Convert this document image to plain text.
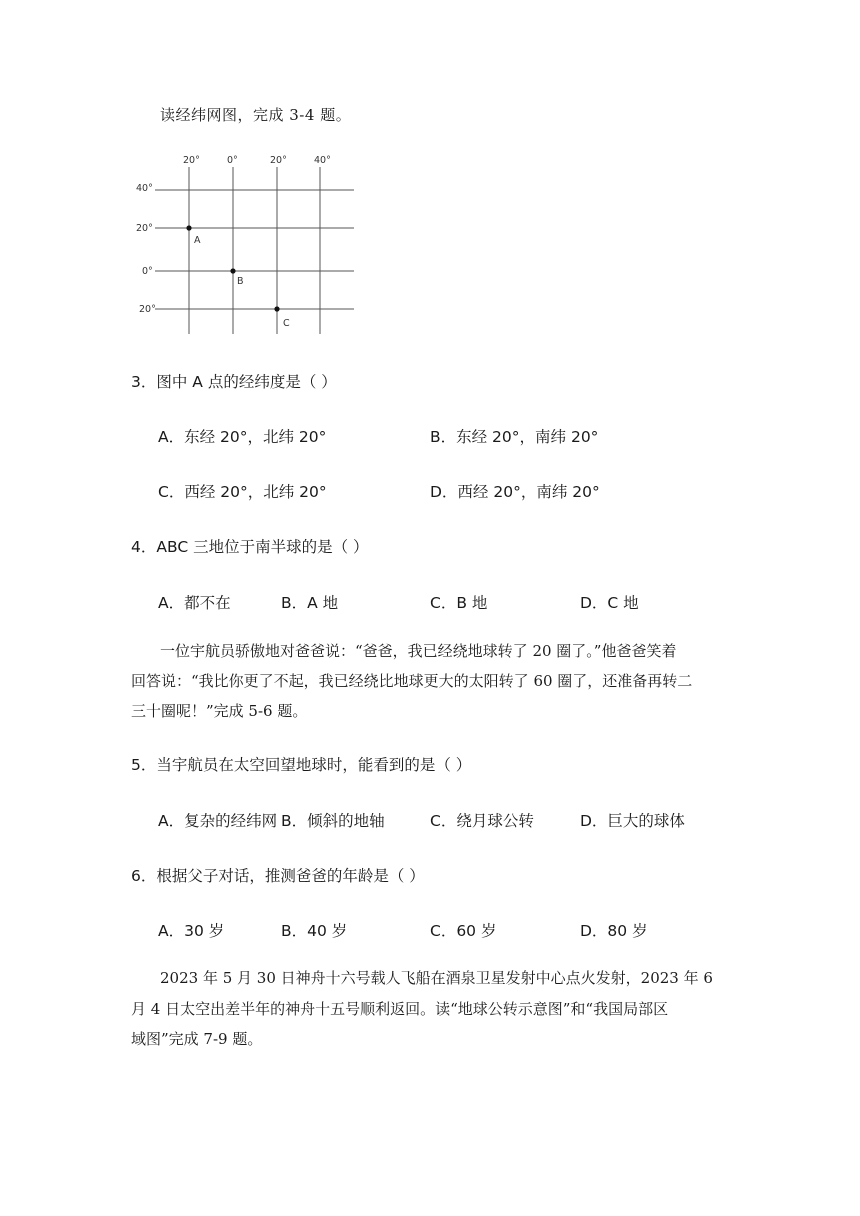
读经纬网图，完成 3-4 题。
20°	0°	20°	40°
40°
20°
0°
20°
A
B
C
3．图中 A 点的经纬度是（ ）
A．东经 20°，北纬 20°	B．东经 20°，南纬 20°
C．西经 20°，北纬 20°	D．西经 20°，南纬 20°
4．ABC 三地位于南半球的是（ ）
A．都不在	B．A 地	C．B 地	D．C 地
一位宇航员骄傲地对爸爸说：“爸爸，我已经绕地球转了 20 圈了。”他爸爸笑着
回答说：“我比你更了不起，我已经绕比地球更大的太阳转了 60 圈了，还准备再转二
三十圈呢！”完成 5-6 题。
5．当宇航员在太空回望地球时，能看到的是（ ）
A．复杂的经纬网 B．倾斜的地轴	C．绕月球公转	D．巨大的球体
6．根据父子对话，推测爸爸的年龄是（ ）
A．30 岁	B．40 岁	C．60 岁	D．80 岁
2023 年 5 月 30 日神舟十六号载人飞船在酒泉卫星发射中心点火发射，2023 年 6
月 4 日太空出差半年的神舟十五号顺利返回。读“地球公转示意图”和“我国局部区
域图”完成 7-9 题。
